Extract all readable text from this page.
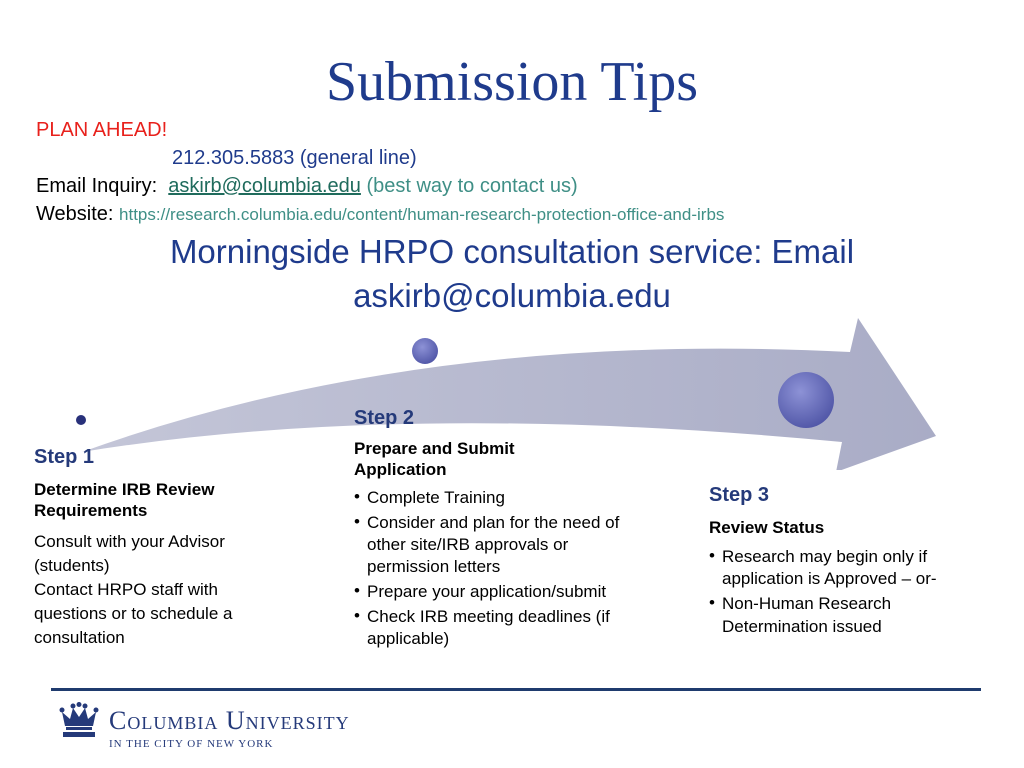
Submission Tips
PLAN AHEAD!
212.305.5883 (general line)
Email Inquiry: askirb@columbia.edu (best way to contact us)
Website: https://research.columbia.edu/content/human-research-protection-office-and-irbs
Morningside HRPO consultation service: Email
askirb@columbia.edu
Step 1
Determine IRB Review Requirements
Consult with your Advisor (students)
Contact HRPO staff with questions or to schedule a consultation
Step 2
Prepare and Submit Application
• Complete Training
• Consider and plan for the need of other site/IRB approvals or permission letters
• Prepare your application/submit
• Check IRB meeting deadlines (if applicable)
Step 3
Review Status
• Research may begin only if application is Approved – or-
• Non-Human Research Determination issued
Columbia University
IN THE CITY OF NEW YORK
